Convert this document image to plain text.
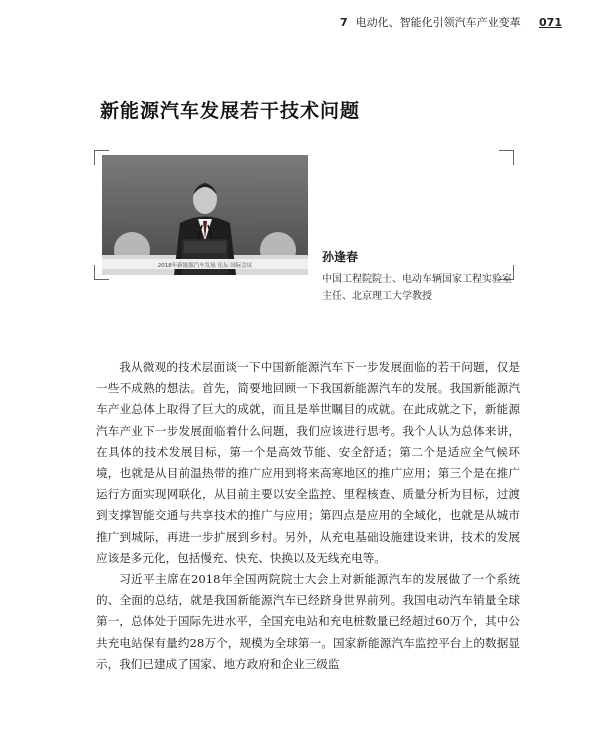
7 电动化、智能化引领汽车产业变革	071
新能源汽车发展若干技术问题
2018年新能源汽车发展 论坛 国际会议

孙逢春

中国工程院院士、电动车辆国家工程实验室主任、北京理工大学教授

我从微观的技术层面谈一下中国新能源汽车下一步发展面临的若干问题，仅是一些不成熟的想法。首先，简要地回顾一下我国新能源汽车的发展。我国新能源汽车产业总体上取得了巨大的成就，而且是举世瞩目的成就。在此成就之下，新能源汽车产业下一步发展面临着什么问题，我们应该进行思考。我个人认为总体来讲，在具体的技术发展目标，第一个是高效节能、安全舒适；第二个是适应全气候环境，也就是从目前温热带的推广应用到将来高寒地区的推广应用；第三个是在推广运行方面实现网联化，从目前主要以安全监控、里程核查、质量分析为目标，过渡到支撑智能交通与共享技术的推广与应用；第四点是应用的全域化，也就是从城市推广到城际，再进一步扩展到乡村。另外，从充电基础设施建设来讲，技术的发展应该是多元化，包括慢充、快充、快换以及无线充电等。

习近平主席在2018年全国两院院士大会上对新能源汽车的发展做了一个系统的、全面的总结，就是我国新能源汽车已经跻身世界前列。我国电动汽车销量全球第一，总体处于国际先进水平，全国充电站和充电桩数量已经超过60万个，其中公共充电站保有量约28万个，规模为全球第一。国家新能源汽车监控平台上的数据显示，我们已建成了国家、地方政府和企业三级监
